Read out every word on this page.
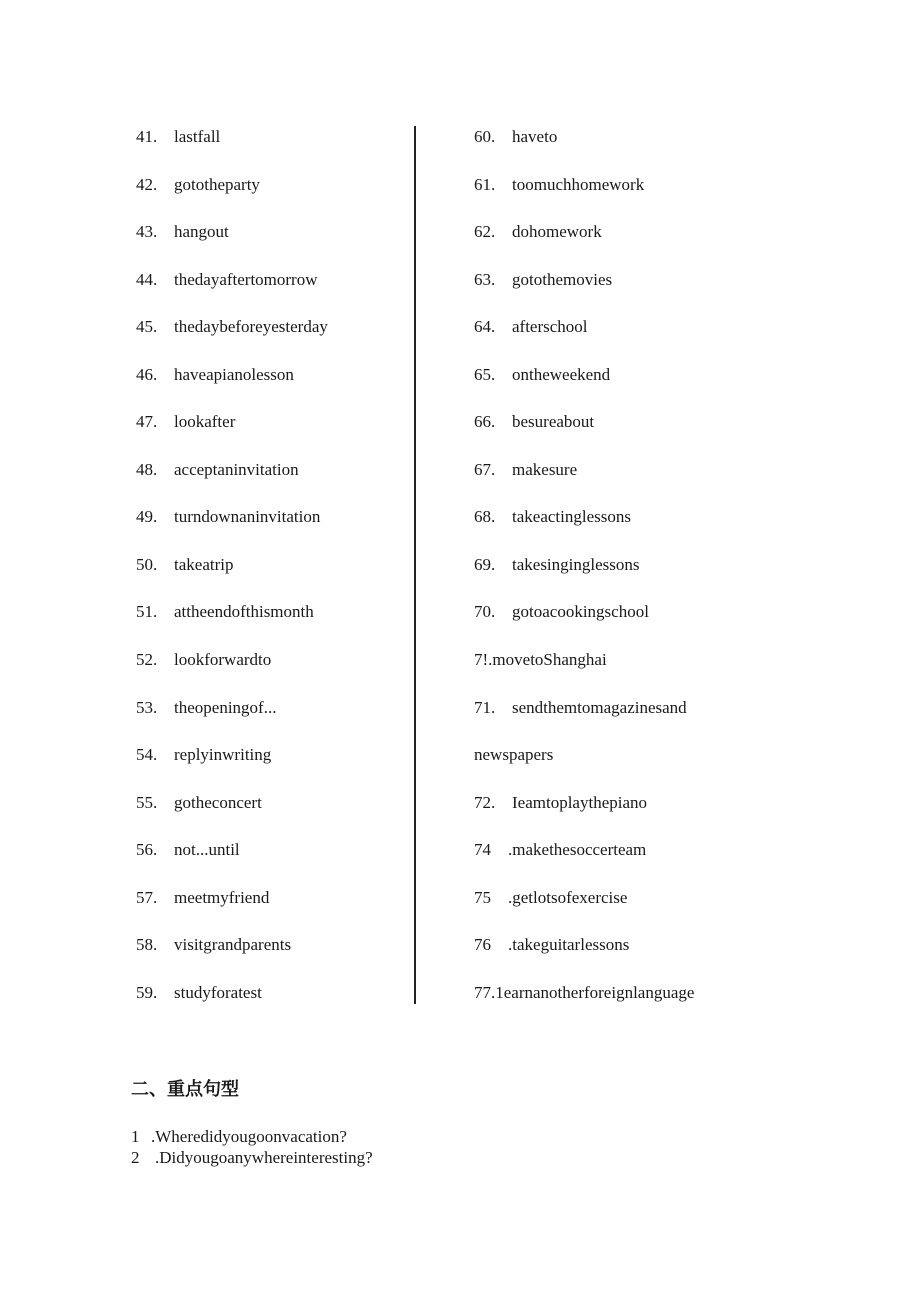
41. lastfall
42. gototheparty
43. hangout
44. thedayaftertomorrow
45. thedaybeforeyesterday
46. haveapianolesson
47. lookafter
48. acceptaninvitation
49. turndownaninvitation
50. takeatrip
51. attheendofthismonth
52. lookforwardto
53. theopeningof...
54. replyinwriting
55. gotheconcert
56. not...until
57. meetmyfriend
58. visitgrandparents
59. studyforatest
60. haveto
61. toomuchhomework
62. dohomework
63. gotothemovies
64. afterschool
65. ontheweekend
66. besureabout
67. makesure
68. takeactinglessons
69. takesinginglessons
70. gotoacookingschool
7!.movetoShanghai
71. sendthemtomagazinesand
newspapers
72. Ieamtoplaythepiano
74 .makethesoccerteam
75 .getlotsofexercise
76 .takeguitarlessons
77.1earnanotherforeignlanguage
二、重点句型
1 .Wheredidyougoonvacation?
2 .Didyougoanywhereinteresting?
